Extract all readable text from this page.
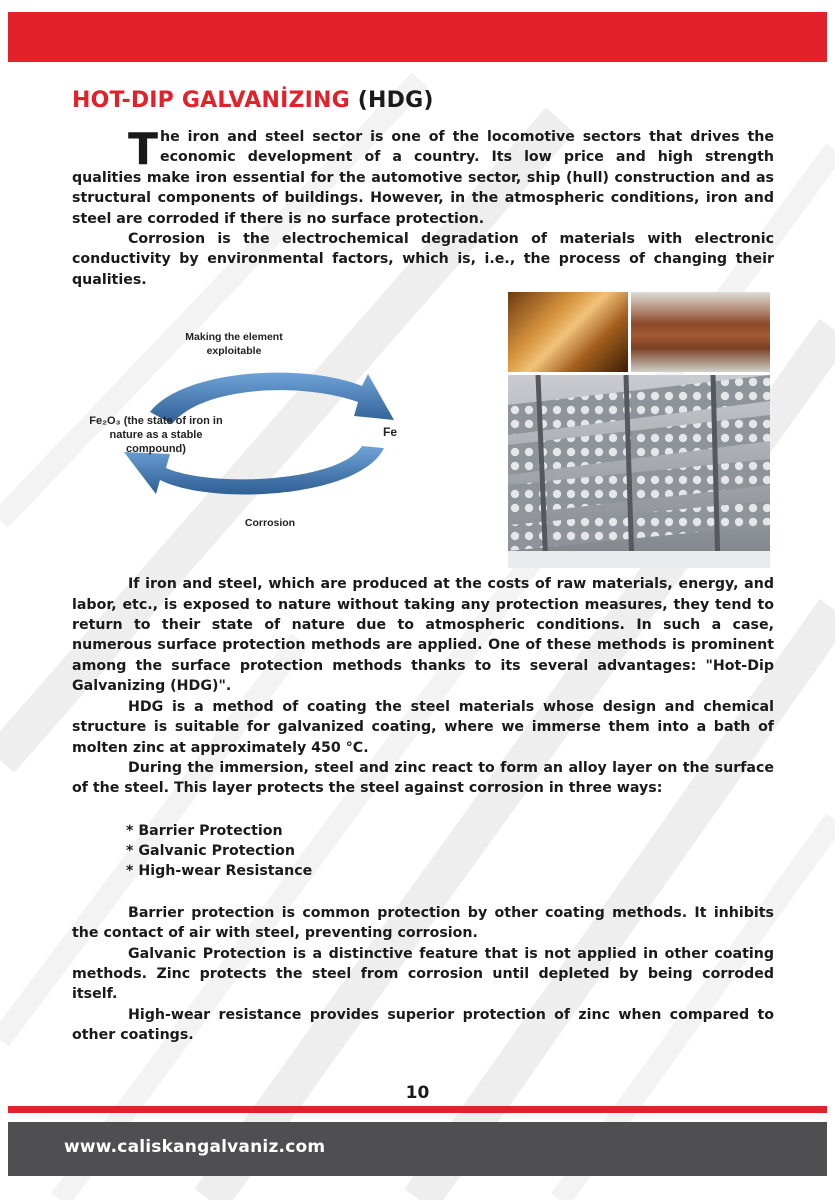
HOT-DIP GALVANİZING (HDG)

The iron and steel sector is one of the locomotive sectors that drives the economic development of a country. Its low price and high strength qualities make iron essential for the automotive sector, ship (hull) construction and as structural components of buildings. However, in the atmospheric conditions, iron and steel are corroded if there is no surface protection.

Corrosion is the electrochemical degradation of materials with electronic conductivity by environmental factors, which is, i.e., the process of changing their qualities.

Making the element
exploitable
Fe₂O₃ (the state of iron in
nature as a stable
compound)
Fe
Corrosion

If iron and steel, which are produced at the costs of raw materials, energy, and labor, etc., is exposed to nature without taking any protection measures, they tend to return to their state of nature due to atmospheric conditions. In such a case, numerous surface protection methods are applied. One of these methods is prominent among the surface protection methods thanks to its several advantages: "Hot-Dip Galvanizing (HDG)".

HDG is a method of coating the steel materials whose design and chemical structure is suitable for galvanized coating, where we immerse them into a bath of molten zinc at approximately 450 °C.

During the immersion, steel and zinc react to form an alloy layer on the surface of the steel. This layer protects the steel against corrosion in three ways:

* Barrier Protection

* Galvanic Protection

* High-wear Resistance

Barrier protection is common protection by other coating methods. It inhibits the contact of air with steel, preventing corrosion.

Galvanic Protection is a distinctive feature that is not applied in other coating methods. Zinc protects the steel from corrosion until depleted by being corroded itself.

High-wear resistance provides superior protection of zinc when compared to other coatings.

10
www.caliskangalvaniz.com
